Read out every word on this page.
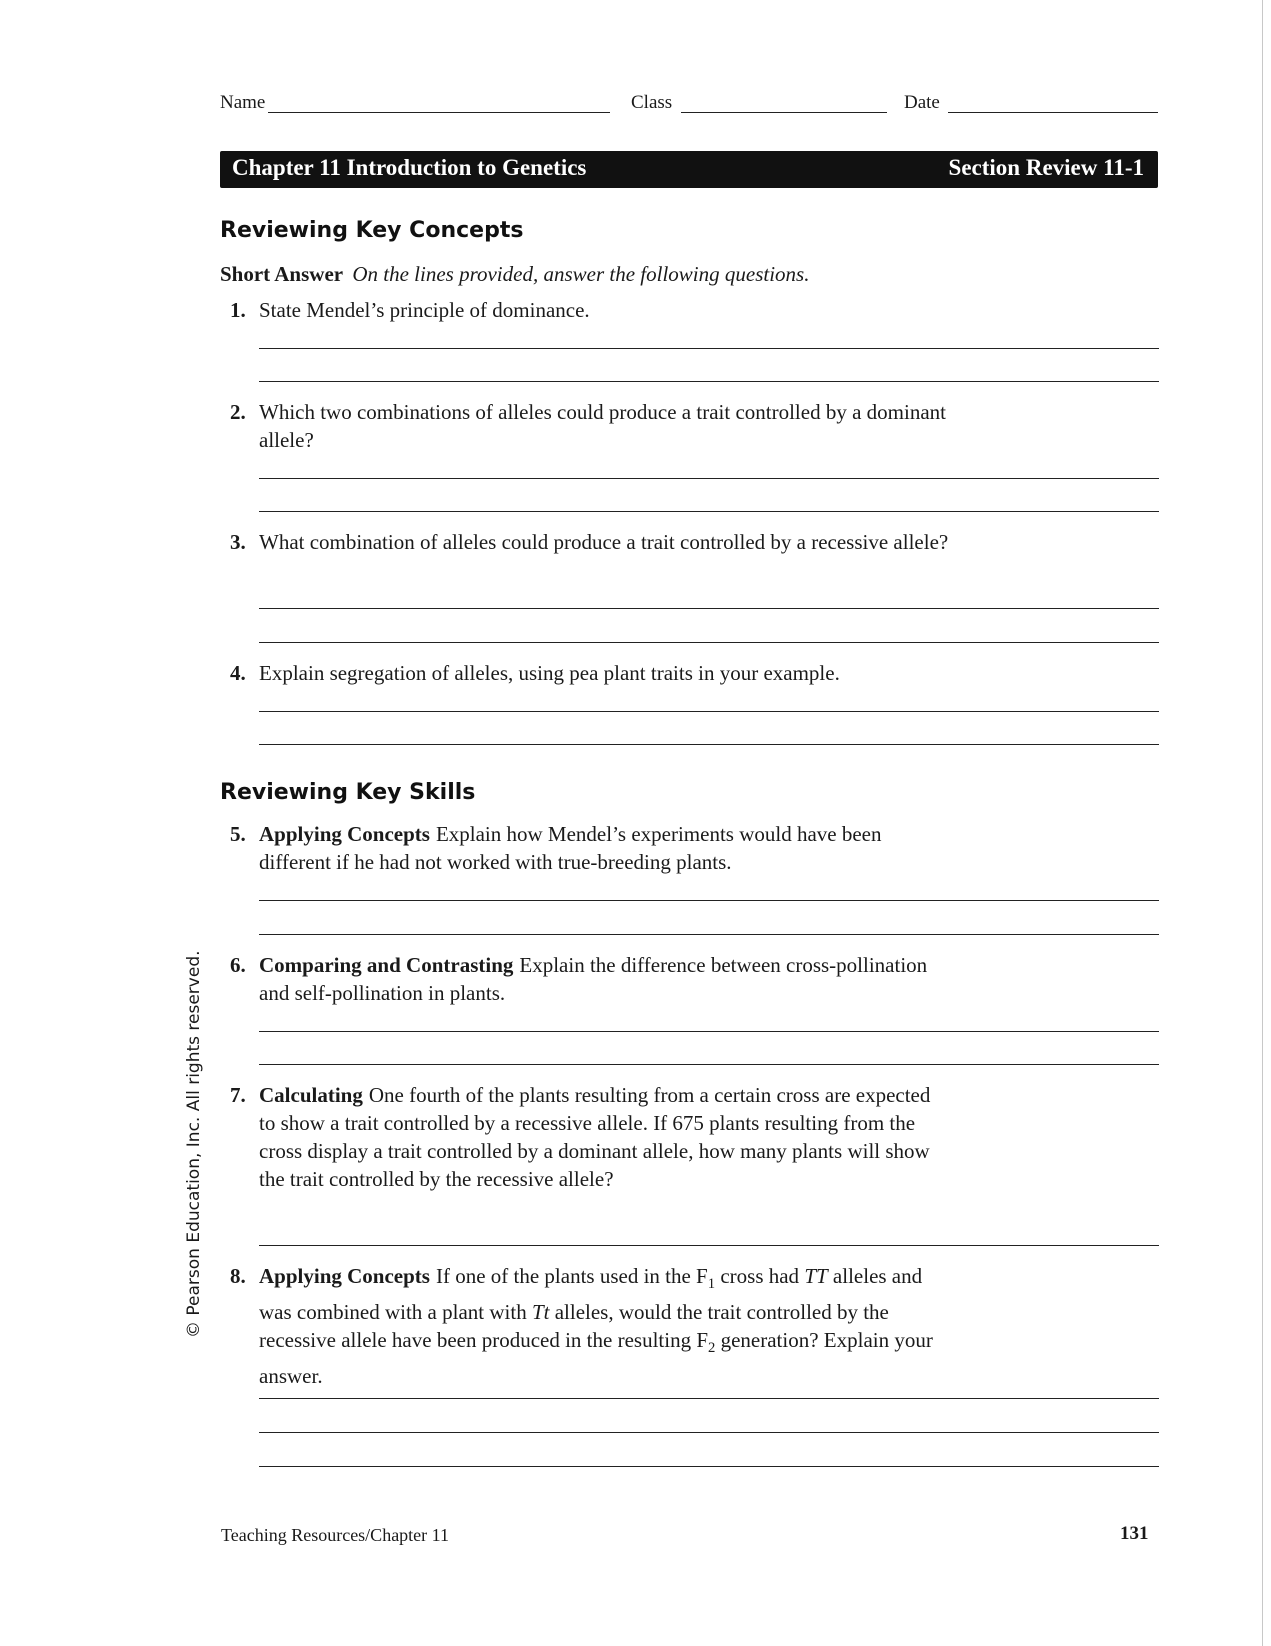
Name	Class	Date
Chapter 11 Introduction to Genetics	Section Review 11-1
Reviewing Key Concepts
Short Answer On the lines provided, answer the following questions.
1. State Mendel’s principle of dominance.
2. Which two combinations of alleles could produce a trait controlled by a dominant allele?
3. What combination of alleles could produce a trait controlled by a recessive allele?
4. Explain segregation of alleles, using pea plant traits in your example.
Reviewing Key Skills
5. Applying Concepts Explain how Mendel’s experiments would have been different if he had not worked with true-breeding plants.
6. Comparing and Contrasting Explain the difference between cross-pollination and self-pollination in plants.
7. Calculating One fourth of the plants resulting from a certain cross are expected to show a trait controlled by a recessive allele. If 675 plants resulting from the cross display a trait controlled by a dominant allele, how many plants will show the trait controlled by the recessive allele?
8. Applying Concepts If one of the plants used in the $F_1$ cross had TT alleles and was combined with a plant with Tt alleles, would the trait controlled by the recessive allele have been produced in the resulting $F_2$ generation? Explain your answer.
Teaching Resources/Chapter 11	131
© Pearson Education, Inc. All rights reserved.
